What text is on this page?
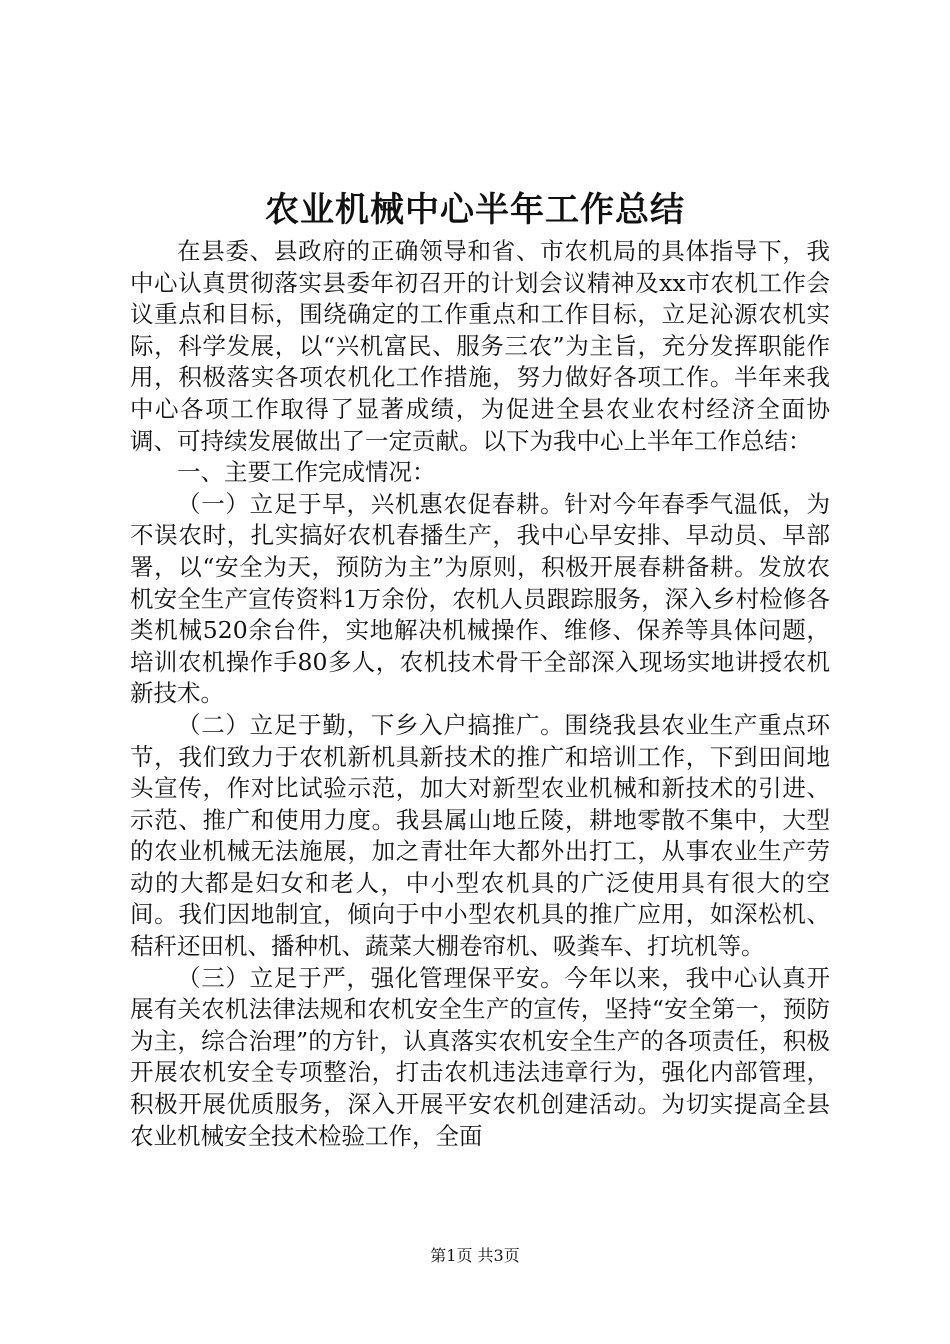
农业机械中心半年工作总结

在县委、县政府的正确领导和省、市农机局的具体指导下，我中心认真贯彻落实县委年初召开的计划会议精神及xx市农机工作会议重点和目标，围绕确定的工作重点和工作目标，立足沁源农机实际，科学发展，以“兴机富民、服务三农”为主旨，充分发挥职能作用，积极落实各项农机化工作措施，努力做好各项工作。半年来我中心各项工作取得了显著成绩，为促进全县农业农村经济全面协调、可持续发展做出了一定贡献。以下为我中心上半年工作总结：

一、主要工作完成情况：

（一）立足于早，兴机惠农促春耕。针对今年春季气温低，为不误农时，扎实搞好农机春播生产，我中心早安排、早动员、早部署，以“安全为天，预防为主”为原则，积极开展春耕备耕。发放农机安全生产宣传资料1万余份，农机人员跟踪服务，深入乡村检修各类机械520余台件，实地解决机械操作、维修、保养等具体问题，培训农机操作手80多人，农机技术骨干全部深入现场实地讲授农机新技术。

（二）立足于勤，下乡入户搞推广。围绕我县农业生产重点环节，我们致力于农机新机具新技术的推广和培训工作，下到田间地头宣传，作对比试验示范，加大对新型农业机械和新技术的引进、示范、推广和使用力度。我县属山地丘陵，耕地零散不集中，大型的农业机械无法施展，加之青壮年大都外出打工，从事农业生产劳动的大都是妇女和老人，中小型农机具的广泛使用具有很大的空间。我们因地制宜，倾向于中小型农机具的推广应用，如深松机、秸秆还田机、播种机、蔬菜大棚卷帘机、吸粪车、打坑机等。

（三）立足于严，强化管理保平安。今年以来，我中心认真开展有关农机法律法规和农机安全生产的宣传，坚持“安全第一，预防为主，综合治理”的方针，认真落实农机安全生产的各项责任，积极开展农机安全专项整治，打击农机违法违章行为，强化内部管理，积极开展优质服务，深入开展平安农机创建活动。为切实提高全县农业机械安全技术检验工作，全面

第1页 共3页
